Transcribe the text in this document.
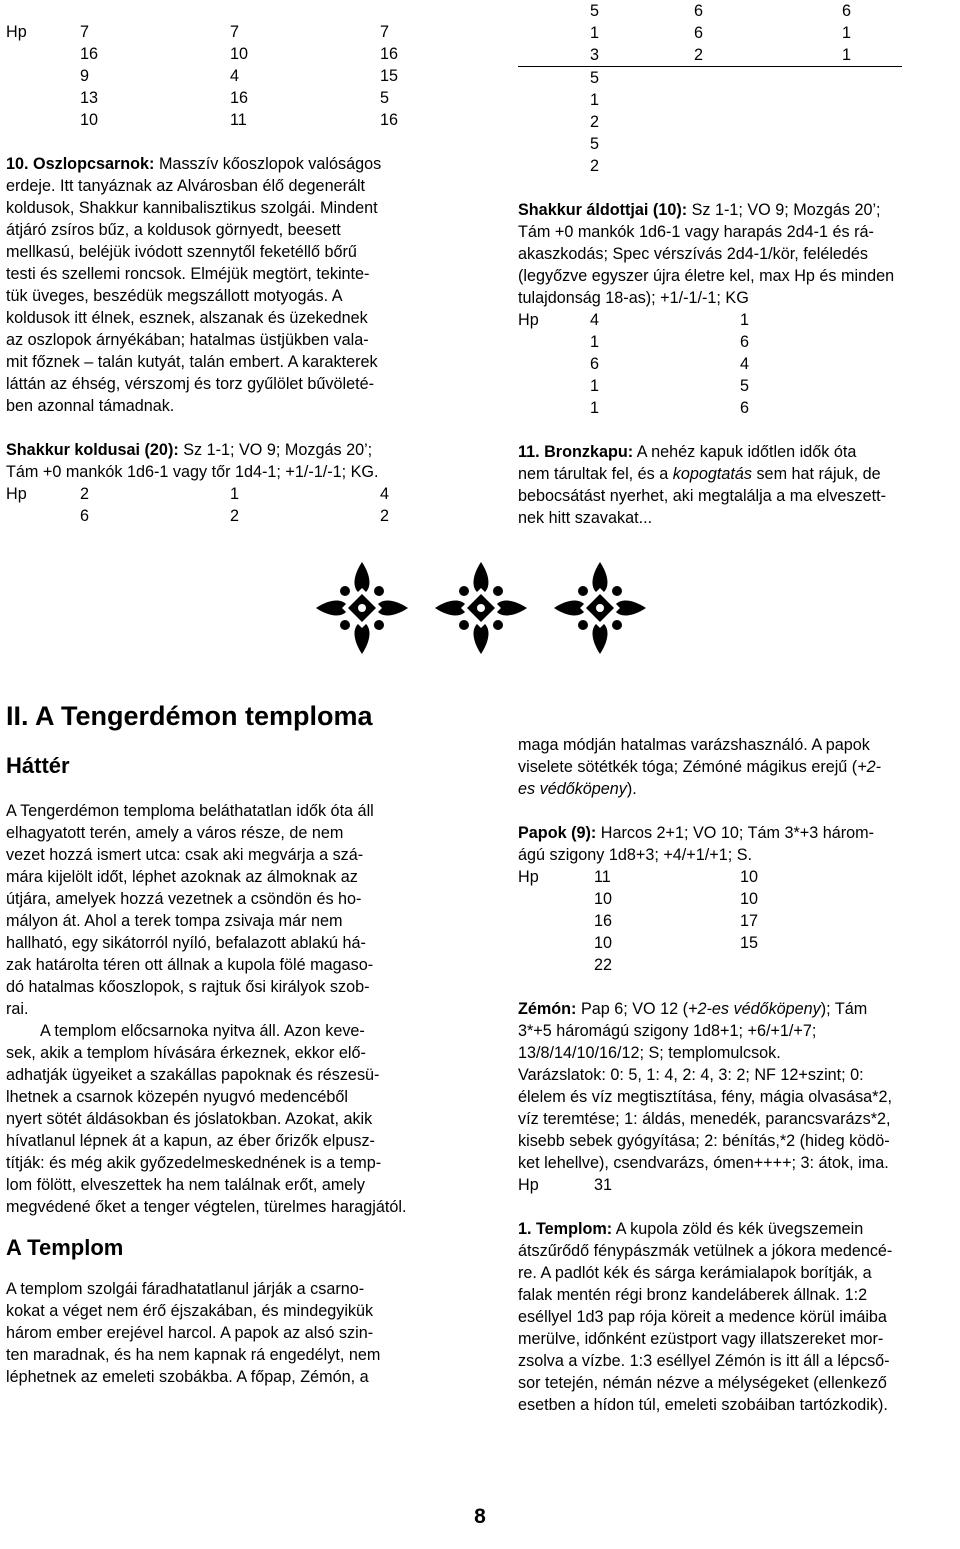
Hp	7	7	7
16	10	16
9	4	15
13	16	5
10	11	16
10. Oszlopcsarnok: Masszív kőoszlopok valóságos
erdeje. Itt tanyáznak az Alvárosban élő degenerált
koldusok, Shakkur kannibalisztikus szolgái. Mindent
átjáró zsíros bűz, a koldusok görnyedt, beesett
mellkasú, beléjük ivódott szennytől feketéllő bőrű
testi és szellemi roncsok. Elméjük megtört, tekinte-
tük üveges, beszédük megszállott motyogás. A
koldusok itt élnek, esznek, alszanak és üzekednek
az oszlopok árnyékában; hatalmas üstjükben vala-
mit főznek – talán kutyát, talán embert. A karakterek
láttán az éhség, vérszomj és torz gyűlölet bűvöleté-
ben azonnal támadnak.
Shakkur koldusai (20): Sz 1-1; VO 9; Mozgás 20’;
Tám +0 mankók 1d6-1 vagy tőr 1d4-1; +1/-1/-1; KG.
Hp	2	1	4
6	2	2
5	6	6
1	6	1
3	2	1
5
1
2
5
2
Shakkur áldottjai (10): Sz 1-1; VO 9; Mozgás 20’;
Tám +0 mankók 1d6-1 vagy harapás 2d4-1 és rá-
akaszkodás; Spec vérszívás 2d4-1/kör, feléledés
(legyőzve egyszer újra életre kel, max Hp és minden
tulajdonság 18-as); +1/-1/-1; KG
Hp	4	1
1	6
6	4
1	5
1	6
11. Bronzkapu: A nehéz kapuk időtlen idők óta
nem tárultak fel, és a kopogtatás sem hat rájuk, de
bebocsátást nyerhet, aki megtalálja a ma elveszett-
nek hitt szavakat...
II. A Tengerdémon temploma
Háttér
A Tengerdémon temploma beláthatatlan idők óta áll
elhagyatott terén, amely a város része, de nem
vezet hozzá ismert utca: csak aki megvárja a szá-
mára kijelölt időt, léphet azoknak az álmoknak az
útjára, amelyek hozzá vezetnek a csöndön és ho-
mályon át. Ahol a terek tompa zsivaja már nem
hallható, egy sikátorról nyíló, befalazott ablakú há-
zak határolta téren ott állnak a kupola fölé magaso-
dó hatalmas kőoszlopok, s rajtuk ősi királyok szob-
rai.
A templom előcsarnoka nyitva áll. Azon keve-
sek, akik a templom hívására érkeznek, ekkor elő-
adhatják ügyeiket a szakállas papoknak és részesü-
lhetnek a csarnok közepén nyugvó medencéből
nyert sötét áldásokban és jóslatokban. Azokat, akik
hívatlanul lépnek át a kapun, az éber őrizők elpusz-
títják: és még akik győzedelmeskednének is a temp-
lom fölött, elveszettek ha nem találnak erőt, amely
megvédené őket a tenger végtelen, türelmes haragjától.
A Templom
A templom szolgái fáradhatatlanul járják a csarno-
kokat a véget nem érő éjszakában, és mindegyikük
három ember erejével harcol. A papok az alsó szin-
ten maradnak, és ha nem kapnak rá engedélyt, nem
léphetnek az emeleti szobákba. A főpap, Zémón, a
maga módján hatalmas varázshasználó. A papok
viselete sötétkék tóga; Zémóné mágikus erejű (+2-
es védőköpeny).
Papok (9): Harcos 2+1; VO 10; Tám 3*+3 három-
ágú szigony 1d8+3; +4/+1/+1; S.
Hp	11	10
10	10
16	17
10	15
22
Zémón: Pap 6; VO 12 (+2-es védőköpeny); Tám
3*+5 háromágú szigony 1d8+1; +6/+1/+7;
13/8/14/10/16/12; S; templomulcsok.
Varázslatok: 0: 5, 1: 4, 2: 4, 3: 2; NF 12+szint; 0:
élelem és víz megtisztítása, fény, mágia olvasása*2,
víz teremtése; 1: áldás, menedék, parancsvarázs*2,
kisebb sebek gyógyítása; 2: bénítás,*2 (hideg ködö-
ket lehellve), csendvarázs, ómen++++; 3: átok, ima.
Hp	31
1. Templom: A kupola zöld és kék üvegszemein
átszűrődő fénypászmák vetülnek a jókora medencé-
re. A padlót kék és sárga kerámialapok borítják, a
falak mentén régi bronz kandeláberek állnak. 1:2
eséllyel 1d3 pap rója köreit a medence körül imáiba
merülve, időnként ezüstport vagy illatszereket mor-
zsolva a vízbe. 1:3 eséllyel Zémón is itt áll a lépcső-
sor tetején, némán nézve a mélységeket (ellenkező
esetben a hídon túl, emeleti szobáiban tartózkodik).
8
